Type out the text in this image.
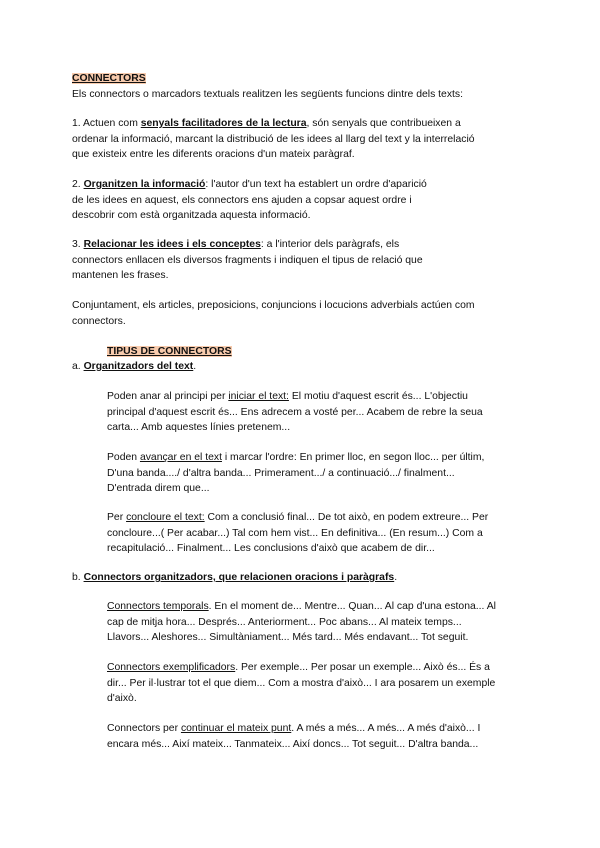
CONNECTORS
Els connectors o marcadors textuals realitzen les següents funcions dintre dels texts:
1. Actuen com senyals facilitadores de la lectura, són senyals que contribueixen a
ordenar la informació, marcant la distribució de les idees al llarg del text y la interrelació
que existeix entre les diferents oracions d'un mateix paràgraf.
2. Organitzen la informació: l'autor d'un text ha establert un ordre d'aparició
de les idees en aquest, els connectors ens ajuden a copsar aquest ordre i
descobrir com està organitzada aquesta informació.
3. Relacionar les idees i els conceptes: a l'interior dels paràgrafs, els
connectors enllacen els diversos fragments i indiquen el tipus de relació que
mantenen les frases.
Conjuntament, els articles, preposicions, conjuncions i locucions adverbials actúen com
connectors.
TIPUS DE CONNECTORS
a. Organitzadors del text.
Poden anar al principi per iniciar el text: El motiu d'aquest escrit és... L'objectiu
principal d'aquest escrit és... Ens adrecem a vosté per... Acabem de rebre la seua
carta... Amb aquestes línies pretenem...
Poden avançar en el text i marcar l'ordre: En primer lloc, en segon lloc... per últim,
D'una banda..../ d'altra banda... Primerament.../ a continuació.../ finalment...
D'entrada direm que...
Per concloure el text: Com a conclusió final... De tot això, en podem extreure... Per
concloure...( Per acabar...) Tal com hem vist... En definitiva... (En resum...) Com a
recapitulació... Finalment... Les conclusions d'això que acabem de dir...
b. Connectors organitzadors, que relacionen oracions i paràgrafs.
Connectors temporals. En el moment de... Mentre... Quan... Al cap d'una estona... Al
cap de mitja hora... Després... Anteriorment... Poc abans... Al mateix temps...
Llavors... Aleshores... Simultàniament... Més tard... Més endavant... Tot seguit.
Connectors exemplificadors. Per exemple... Per posar un exemple... Això és... És a
dir... Per il·lustrar tot el que diem... Com a mostra d'això... I ara posarem un exemple
d'això.
Connectors per continuar el mateix punt. A més a més... A més... A més d'això... I
encara més... Així mateix... Tanmateix... Així doncs... Tot seguit... D'altra banda...
